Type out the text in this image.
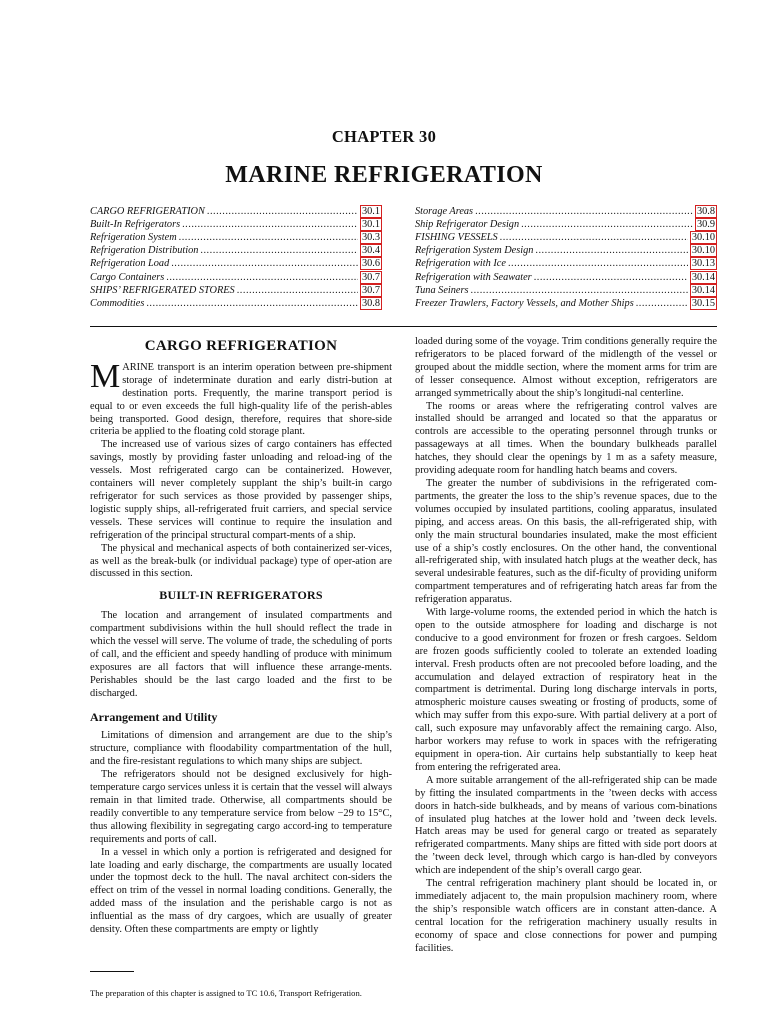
CHAPTER 30
MARINE REFRIGERATION
CARGO REFRIGERATION .....	30.1
Built-In Refrigerators .....	30.1
Refrigeration System .....	30.3
Refrigeration Distribution .....	30.4
Refrigeration Load .....	30.6
Cargo Containers .....	30.7
SHIPS’ REFRIGERATED STORES .....	30.7
Commodities .....	30.8
Storage Areas .....	30.8
Ship Refrigerator Design .....	30.9
FISHING VESSELS .....	30.10
Refrigeration System Design .....	30.10
Refrigeration with Ice .....	30.13
Refrigeration with Seawater .....	30.14
Tuna Seiners .....	30.14
Freezer Trawlers, Factory Vessels, and Mother Ships .....	30.15
CARGO REFRIGERATION

MARINE transport is an interim operation between pre-shipment storage of indeterminate duration and early distri-bution at destination ports. Frequently, the marine transport period is equal to or even exceeds the full high-quality life of the perish-ables being transported. Good design, therefore, requires that shore-side criteria be applied to the floating cold storage plant.

The increased use of various sizes of cargo containers has effected savings, mostly by providing faster unloading and reload-ing of the vessels. Most refrigerated cargo can be containerized. However, containers will never completely supplant the ship’s built-in cargo refrigerator for such services as those provided by passenger ships, logistic supply ships, all-refrigerated fruit carriers, and special service vessels. These services will continue to require the insulation and refrigeration of the principal structural compart-ments of a ship.

The physical and mechanical aspects of both containerized ser-vices, as well as the break-bulk (or individual package) type of oper-ation are discussed in this section.

BUILT-IN REFRIGERATORS

The location and arrangement of insulated compartments and compartment subdivisions within the hull should reflect the trade in which the vessel will serve. The volume of trade, the scheduling of ports of call, and the efficient and speedy handling of produce with minimum exposures are all factors that will influence these arrange-ments. Perishables should be the last cargo loaded and the first to be discharged.

Arrangement and Utility

Limitations of dimension and arrangement are due to the ship’s structure, compliance with floodability compartmentation of the hull, and the fire-resistant regulations to which many ships are subject.

The refrigerators should not be designed exclusively for high-temperature cargo services unless it is certain that the vessel will always remain in that limited trade. Otherwise, all compartments should be readily convertible to any temperature service from below −29 to 15°C, thus allowing flexibility in segregating cargo accord-ing to temperature requirements and ports of call.

In a vessel in which only a portion is refrigerated and designed for late loading and early discharge, the compartments are usually located under the topmost deck to the hull. The naval architect con-siders the effect on trim of the vessel in normal loading conditions. Generally, the added mass of the insulation and the perishable cargo is not as influential as the mass of dry cargoes, which are usually of greater density. Often these compartments are empty or lightly

The preparation of this chapter is assigned to TC 10.6, Transport Refrigeration.

loaded during some of the voyage. Trim conditions generally require the refrigerators to be placed forward of the midlength of the vessel or grouped about the middle section, where the moment arms for trim are of lesser consequence. Almost without exception, refrigerators are arranged symmetrically about the ship’s longitudi-nal centerline.

The rooms or areas where the refrigerating control valves are installed should be arranged and located so that the apparatus or controls are accessible to the operating personnel through trunks or passageways at all times. When the boundary bulkheads parallel hatches, they should clear the openings by 1 m as a safety measure, providing adequate room for handling hatch beams and covers.

The greater the number of subdivisions in the refrigerated com-partments, the greater the loss to the ship’s revenue spaces, due to the volumes occupied by insulated partitions, cooling apparatus, insulated piping, and access areas. On this basis, the all-refrigerated ship, with only the main structural boundaries insulated, make the most efficient use of a ship’s costly enclosures. On the other hand, the conventional all-refrigerated ship, with insulated hatch plugs at the weather deck, has several undesirable features, such as the dif-ficulty of providing uniform compartment temperatures and of refrigerating hatch areas far from the refrigeration apparatus.

With large-volume rooms, the extended period in which the hatch is open to the outside atmosphere for loading and discharge is not conducive to a good environment for frozen or fresh cargoes. Seldom are frozen goods sufficiently cooled to tolerate an extended loading interval. Fresh products often are not precooled before loading, and the accumulation and delayed extraction of respiratory heat in the compartment is detrimental. During long discharge intervals in ports, atmospheric moisture causes sweating or frosting of products, some of which may suffer from this expo-sure. With partial delivery at a port of call, such exposure may unfavorably affect the remaining cargo. Also, harbor workers may refuse to work in spaces with the refrigerating equipment in opera-tion. Air curtains help substantially to keep heat from entering the refrigerated area.

A more suitable arrangement of the all-refrigerated ship can be made by fitting the insulated compartments in the ’tween decks with access doors in hatch-side bulkheads, and by means of various com-binations of insulated plug hatches at the lower hold and ’tween deck levels. Hatch areas may be used for general cargo or treated as separately refrigerated compartments. Many ships are fitted with side port doors at the ’tween deck level, through which cargo is han-dled by conveyors which are independent of the ship’s overall cargo gear.

The central refrigeration machinery plant should be located in, or immediately adjacent to, the main propulsion machinery room, where the ship’s responsible watch officers are in constant atten-dance. A central location for the refrigeration machinery usually results in economy of space and close connections for power and pumping facilities.
